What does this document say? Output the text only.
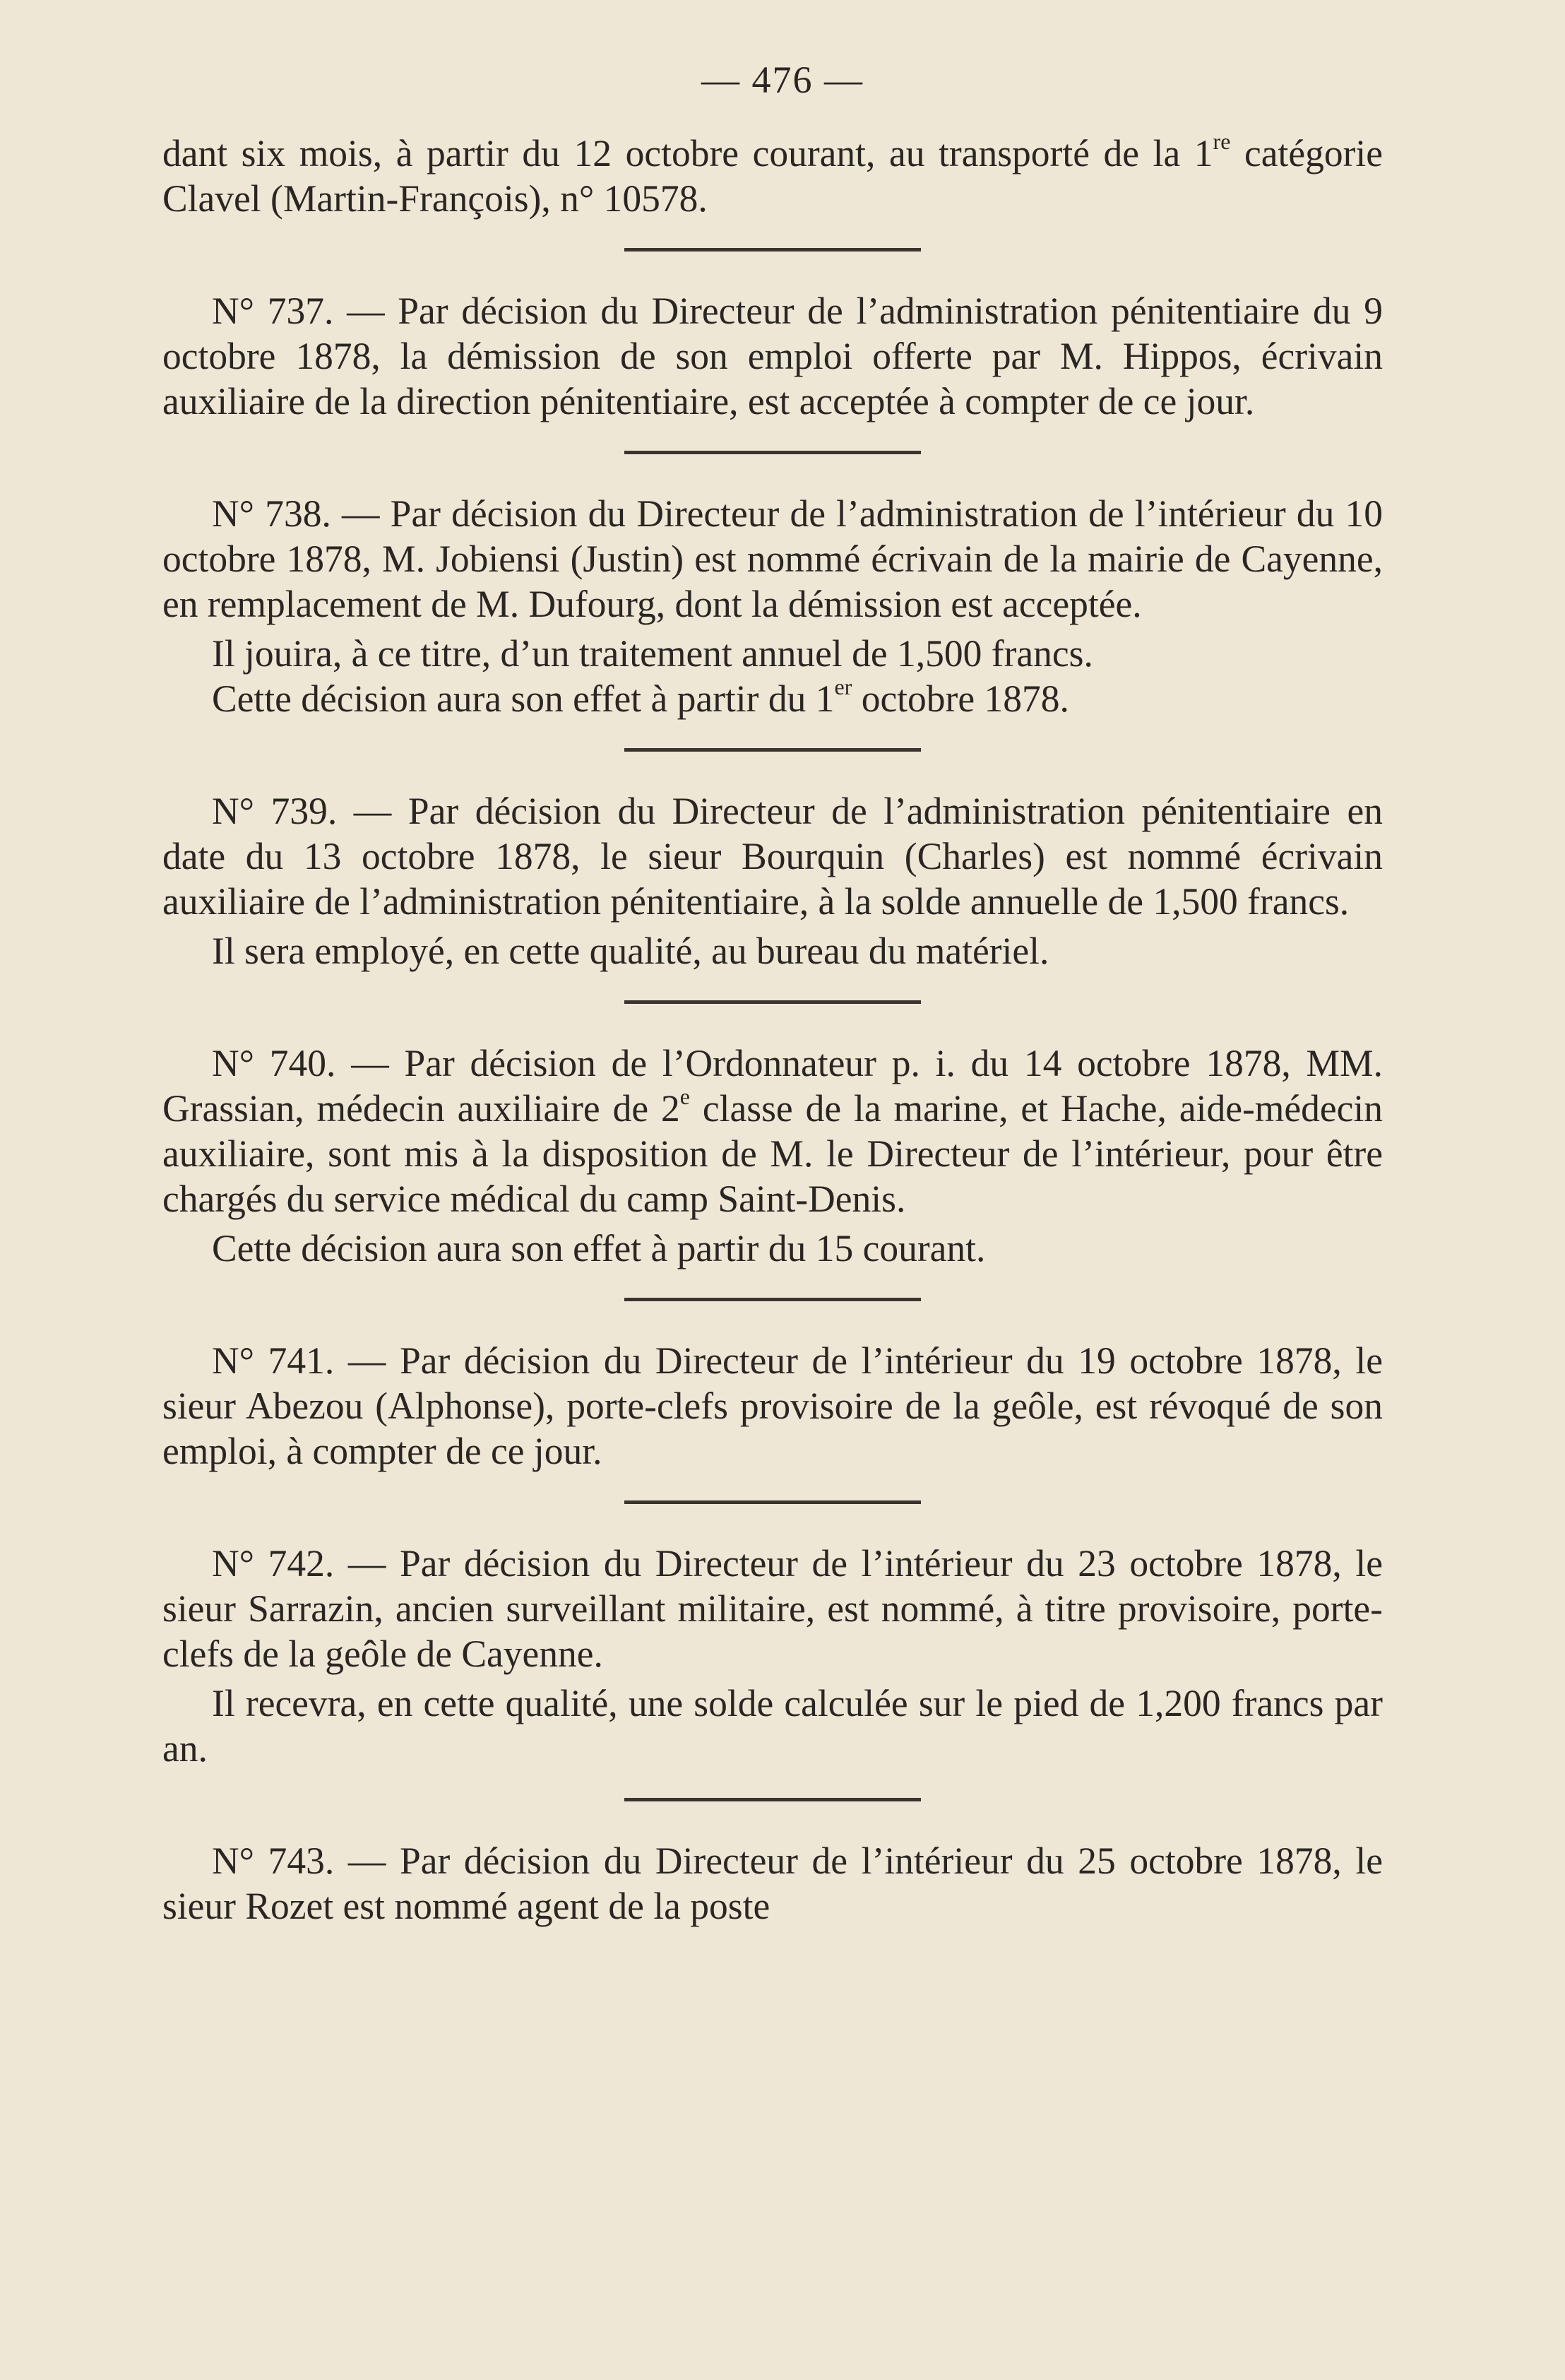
— 476 —

dant six mois, à partir du 12 octobre courant, au transporté de la 1re catégorie Clavel (Martin-François), n° 10578.

N° 737. — Par décision du Directeur de l’administration pénitentiaire du 9 octobre 1878, la démission de son emploi offerte par M. Hippos, écrivain auxiliaire de la direction pénitentiaire, est acceptée à compter de ce jour.

N° 738. — Par décision du Directeur de l’administration de l’intérieur du 10 octobre 1878, M. Jobiensi (Justin) est nommé écrivain de la mairie de Cayenne, en remplacement de M. Dufourg, dont la démission est acceptée.

Il jouira, à ce titre, d’un traitement annuel de 1,500 francs.

Cette décision aura son effet à partir du 1er octobre 1878.

N° 739. — Par décision du Directeur de l’administration pénitentiaire en date du 13 octobre 1878, le sieur Bourquin (Charles) est nommé écrivain auxiliaire de l’administration pénitentiaire, à la solde annuelle de 1,500 francs.

Il sera employé, en cette qualité, au bureau du matériel.

N° 740. — Par décision de l’Ordonnateur p. i. du 14 octobre 1878, MM. Grassian, médecin auxiliaire de 2e classe de la marine, et Hache, aide-médecin auxiliaire, sont mis à la disposition de M. le Directeur de l’intérieur, pour être chargés du service médical du camp Saint-Denis.

Cette décision aura son effet à partir du 15 courant.

N° 741. — Par décision du Directeur de l’intérieur du 19 octobre 1878, le sieur Abezou (Alphonse), porte-clefs provisoire de la geôle, est révoqué de son emploi, à compter de ce jour.

N° 742. — Par décision du Directeur de l’intérieur du 23 octobre 1878, le sieur Sarrazin, ancien surveillant militaire, est nommé, à titre provisoire, porte-clefs de la geôle de Cayenne.

Il recevra, en cette qualité, une solde calculée sur le pied de 1,200 francs par an.

N° 743. — Par décision du Directeur de l’intérieur du 25 octobre 1878, le sieur Rozet est nommé agent de la poste
